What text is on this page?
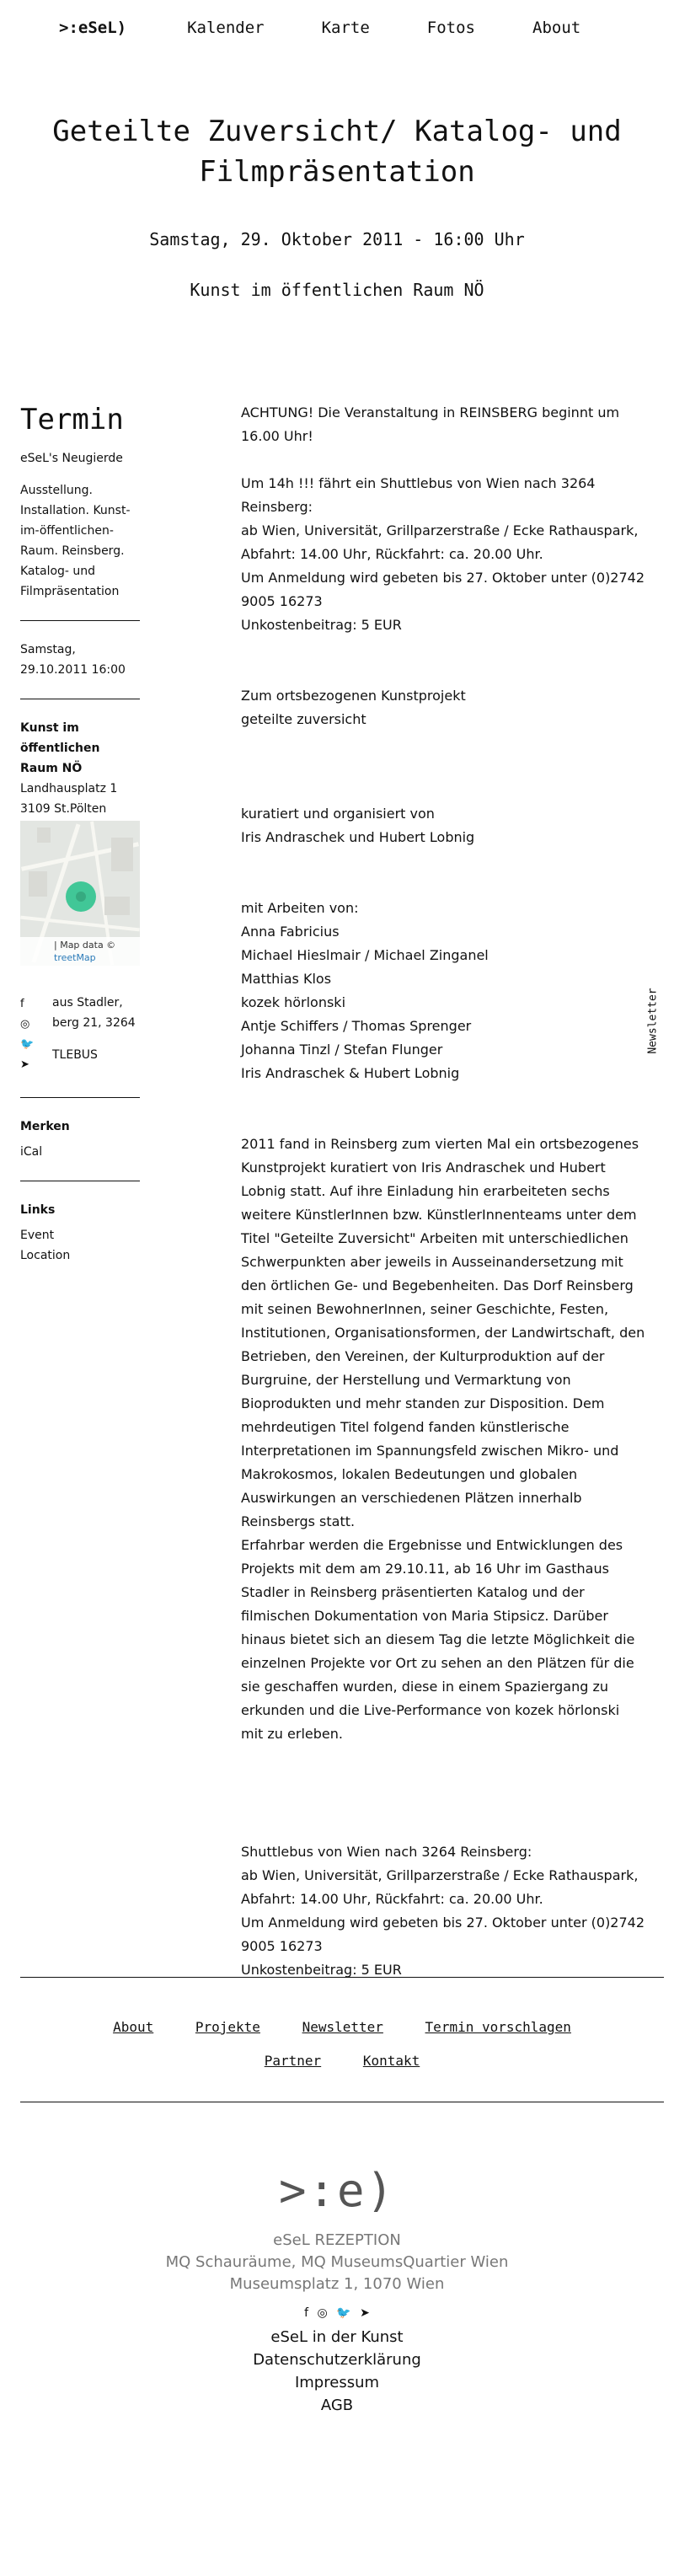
>:eSeL)	Kalender	Karte	Fotos	About
Geteilte Zuversicht/ Katalog- und Filmpräsentation
Samstag, 29. Oktober 2011 - 16:00 Uhr
Kunst im öffentlichen Raum NÖ
Termin
eSeL's Neugierde
Ausstellung. Installation. Kunst-im-öffentlichen-Raum. Reinsberg. Katalog- und Filmpräsentation
Samstag,
29.10.2011 16:00
Kunst im öffentlichen Raum NÖ
Landhausplatz 1
3109 St.Pölten
| Map data ©
treetMap
f
◎
🐦
➤
aus Stadler,
berg 21, 3264
TLEBUS
Merken
iCal
Links
Event
Location
ACHTUNG! Die Veranstaltung in REINSBERG beginnt um
16.00 Uhr!

Um 14h !!! fährt ein Shuttlebus von Wien nach 3264
Reinsberg:
ab Wien, Universität, Grillparzerstraße / Ecke Rathauspark,
Abfahrt: 14.00 Uhr, Rückfahrt: ca. 20.00 Uhr.
Um Anmeldung wird gebeten bis 27. Oktober unter (0)2742
9005 16273
Unkostenbeitrag: 5 EUR

Zum ortsbezogenen Kunstprojekt
geteilte zuversicht

kuratiert und organisiert von
Iris Andraschek und Hubert Lobnig

mit Arbeiten von:
Anna Fabricius
Michael Hieslmair / Michael Zinganel
Matthias Klos
kozek hörlonski
Antje Schiffers / Thomas Sprenger
Johanna Tinzl / Stefan Flunger
Iris Andraschek & Hubert Lobnig

2011 fand in Reinsberg zum vierten Mal ein ortsbezogenes
Kunstprojekt kuratiert von Iris Andraschek und Hubert
Lobnig statt. Auf ihre Einladung hin erarbeiteten sechs
weitere KünstlerInnen bzw. KünstlerInnenteams unter dem
Titel "Geteilte Zuversicht" Arbeiten mit unterschiedlichen
Schwerpunkten aber jeweils in Ausseinandersetzung mit
den örtlichen Ge- und Begebenheiten. Das Dorf Reinsberg
mit seinen BewohnerInnen, seiner Geschichte, Festen,
Institutionen, Organisationsformen, der Landwirtschaft, den
Betrieben, den Vereinen, der Kulturproduktion auf der
Burgruine, der Herstellung und Vermarktung von
Bioprodukten und mehr standen zur Disposition. Dem
mehrdeutigen Titel folgend fanden künstlerische
Interpretationen im Spannungsfeld zwischen Mikro- und
Makrokosmos, lokalen Bedeutungen und globalen
Auswirkungen an verschiedenen Plätzen innerhalb
Reinsbergs statt.
Erfahrbar werden die Ergebnisse und Entwicklungen des
Projekts mit dem am 29.10.11, ab 16 Uhr im Gasthaus
Stadler in Reinsberg präsentierten Katalog und der
filmischen Dokumentation von Maria Stipsicz. Darüber
hinaus bietet sich an diesem Tag die letzte Möglichkeit die
einzelnen Projekte vor Ort zu sehen an den Plätzen für die
sie geschaffen wurden, diese in einem Spaziergang zu
erkunden und die Live-Performance von kozek hörlonski
mit zu erleben.

Shuttlebus von Wien nach 3264 Reinsberg:
ab Wien, Universität, Grillparzerstraße / Ecke Rathauspark,
Abfahrt: 14.00 Uhr, Rückfahrt: ca. 20.00 Uhr.
Um Anmeldung wird gebeten bis 27. Oktober unter (0)2742
9005 16273
Unkostenbeitrag: 5 EUR
Newsletter
About	Projekte	Newsletter	Termin vorschlagen
Partner	Kontakt
>:e)
eSeL REZEPTION
MQ Schauräume, MQ MuseumsQuartier Wien
Museumsplatz 1, 1070 Wien
f ◎ 🐦 ➤
eSeL in der Kunst
Datenschutzerklärung
Impressum
AGB
